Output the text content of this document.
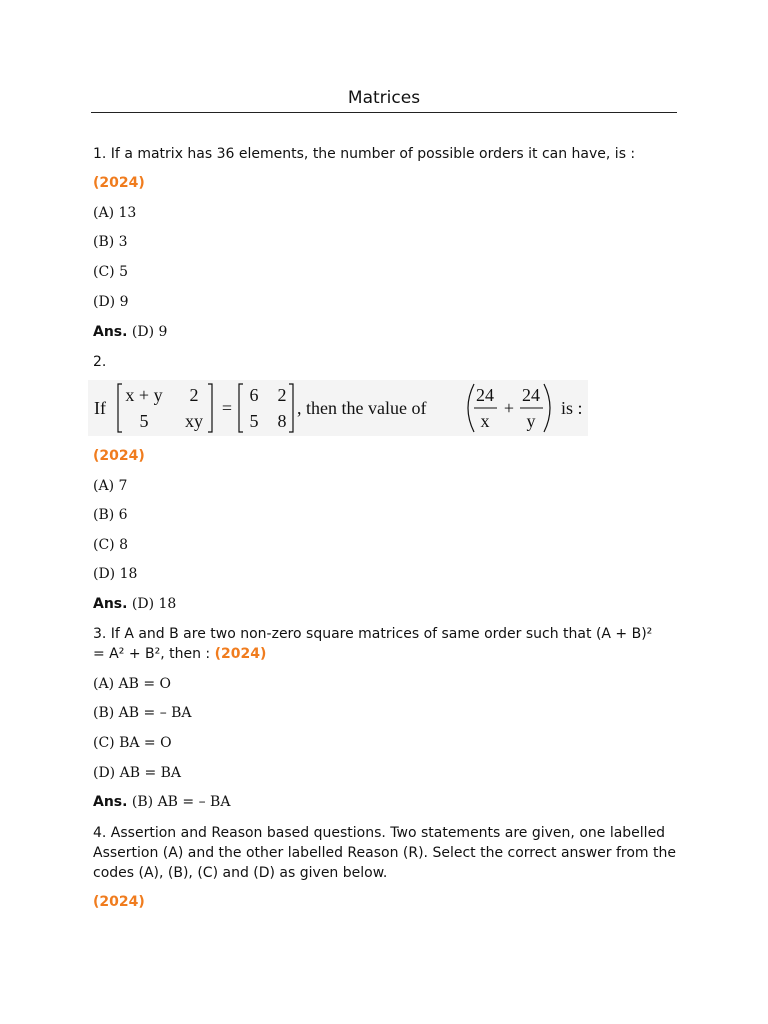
Matrices
1. If a matrix has 36 elements, the number of possible orders it can have, is :
(2024)
(A) 13
(B) 3
(C) 5
(D) 9
Ans. (D) 9
2.
If
x + y 2
5 xy
=
6 2
5 8
, then the value of
24
x
+
24
y
is :
(2024)
(A) 7
(B) 6
(C) 8
(D) 18
Ans. (D) 18
3. If A and B are two non-zero square matrices of same order such that (A + B)²
= A² + B², then : (2024)
(A) AB = O
(B) AB = – BA
(C) BA = O
(D) AB = BA
Ans. (B) AB = – BA
4. Assertion and Reason based questions. Two statements are given, one labelled Assertion (A) and the other labelled Reason (R). Select the correct answer from the codes (A), (B), (C) and (D) as given below.
(2024)
